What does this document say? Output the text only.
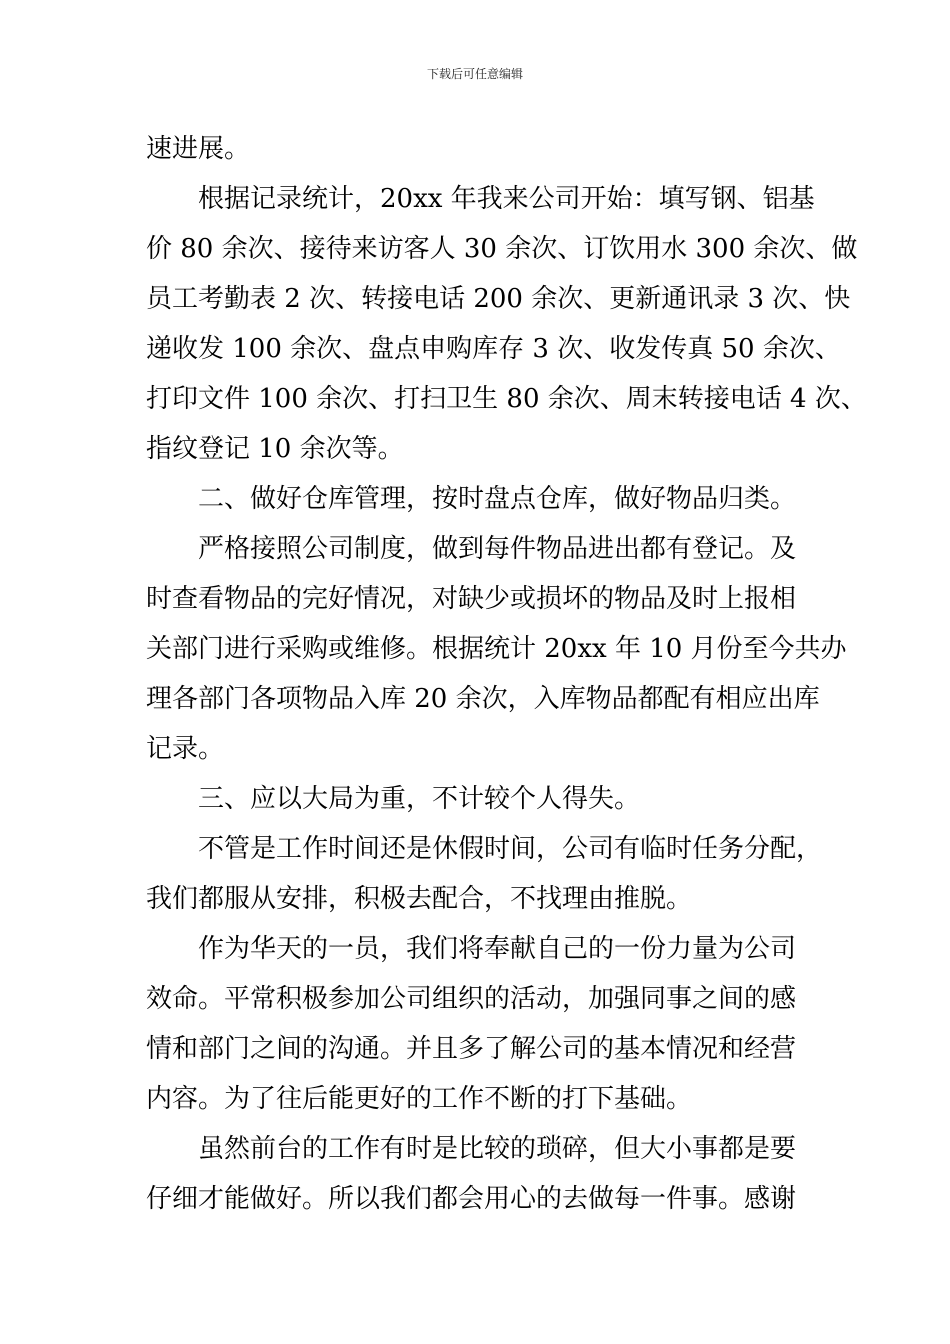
下载后可任意编辑
速进展。
　　根据记录统计，20xx 年我来公司开始：填写钢、铝基
价 80 余次、接待来访客人 30 余次、订饮用水 300 余次、做
员工考勤表 2 次、转接电话 200 余次、更新通讯录 3 次、快
递收发 100 余次、盘点申购库存 3 次、收发传真 50 余次、
打印文件 100 余次、打扫卫生 80 余次、周末转接电话 4 次、
指纹登记 10 余次等。
　　二、做好仓库管理，按时盘点仓库，做好物品归类。
　　严格接照公司制度，做到每件物品进出都有登记。及
时查看物品的完好情况，对缺少或损坏的物品及时上报相
关部门进行采购或维修。根据统计 20xx 年 10 月份至今共办
理各部门各项物品入库 20 余次，入库物品都配有相应出库
记录。
　　三、应以大局为重，不计较个人得失。
　　不管是工作时间还是休假时间，公司有临时任务分配，
我们都服从安排，积极去配合，不找理由推脱。
　　作为华天的一员，我们将奉献自己的一份力量为公司
效命。平常积极参加公司组织的活动，加强同事之间的感
情和部门之间的沟通。并且多了解公司的基本情况和经营
内容。为了往后能更好的工作不断的打下基础。
　　虽然前台的工作有时是比较的琐碎，但大小事都是要
仔细才能做好。所以我们都会用心的去做每一件事。感谢
